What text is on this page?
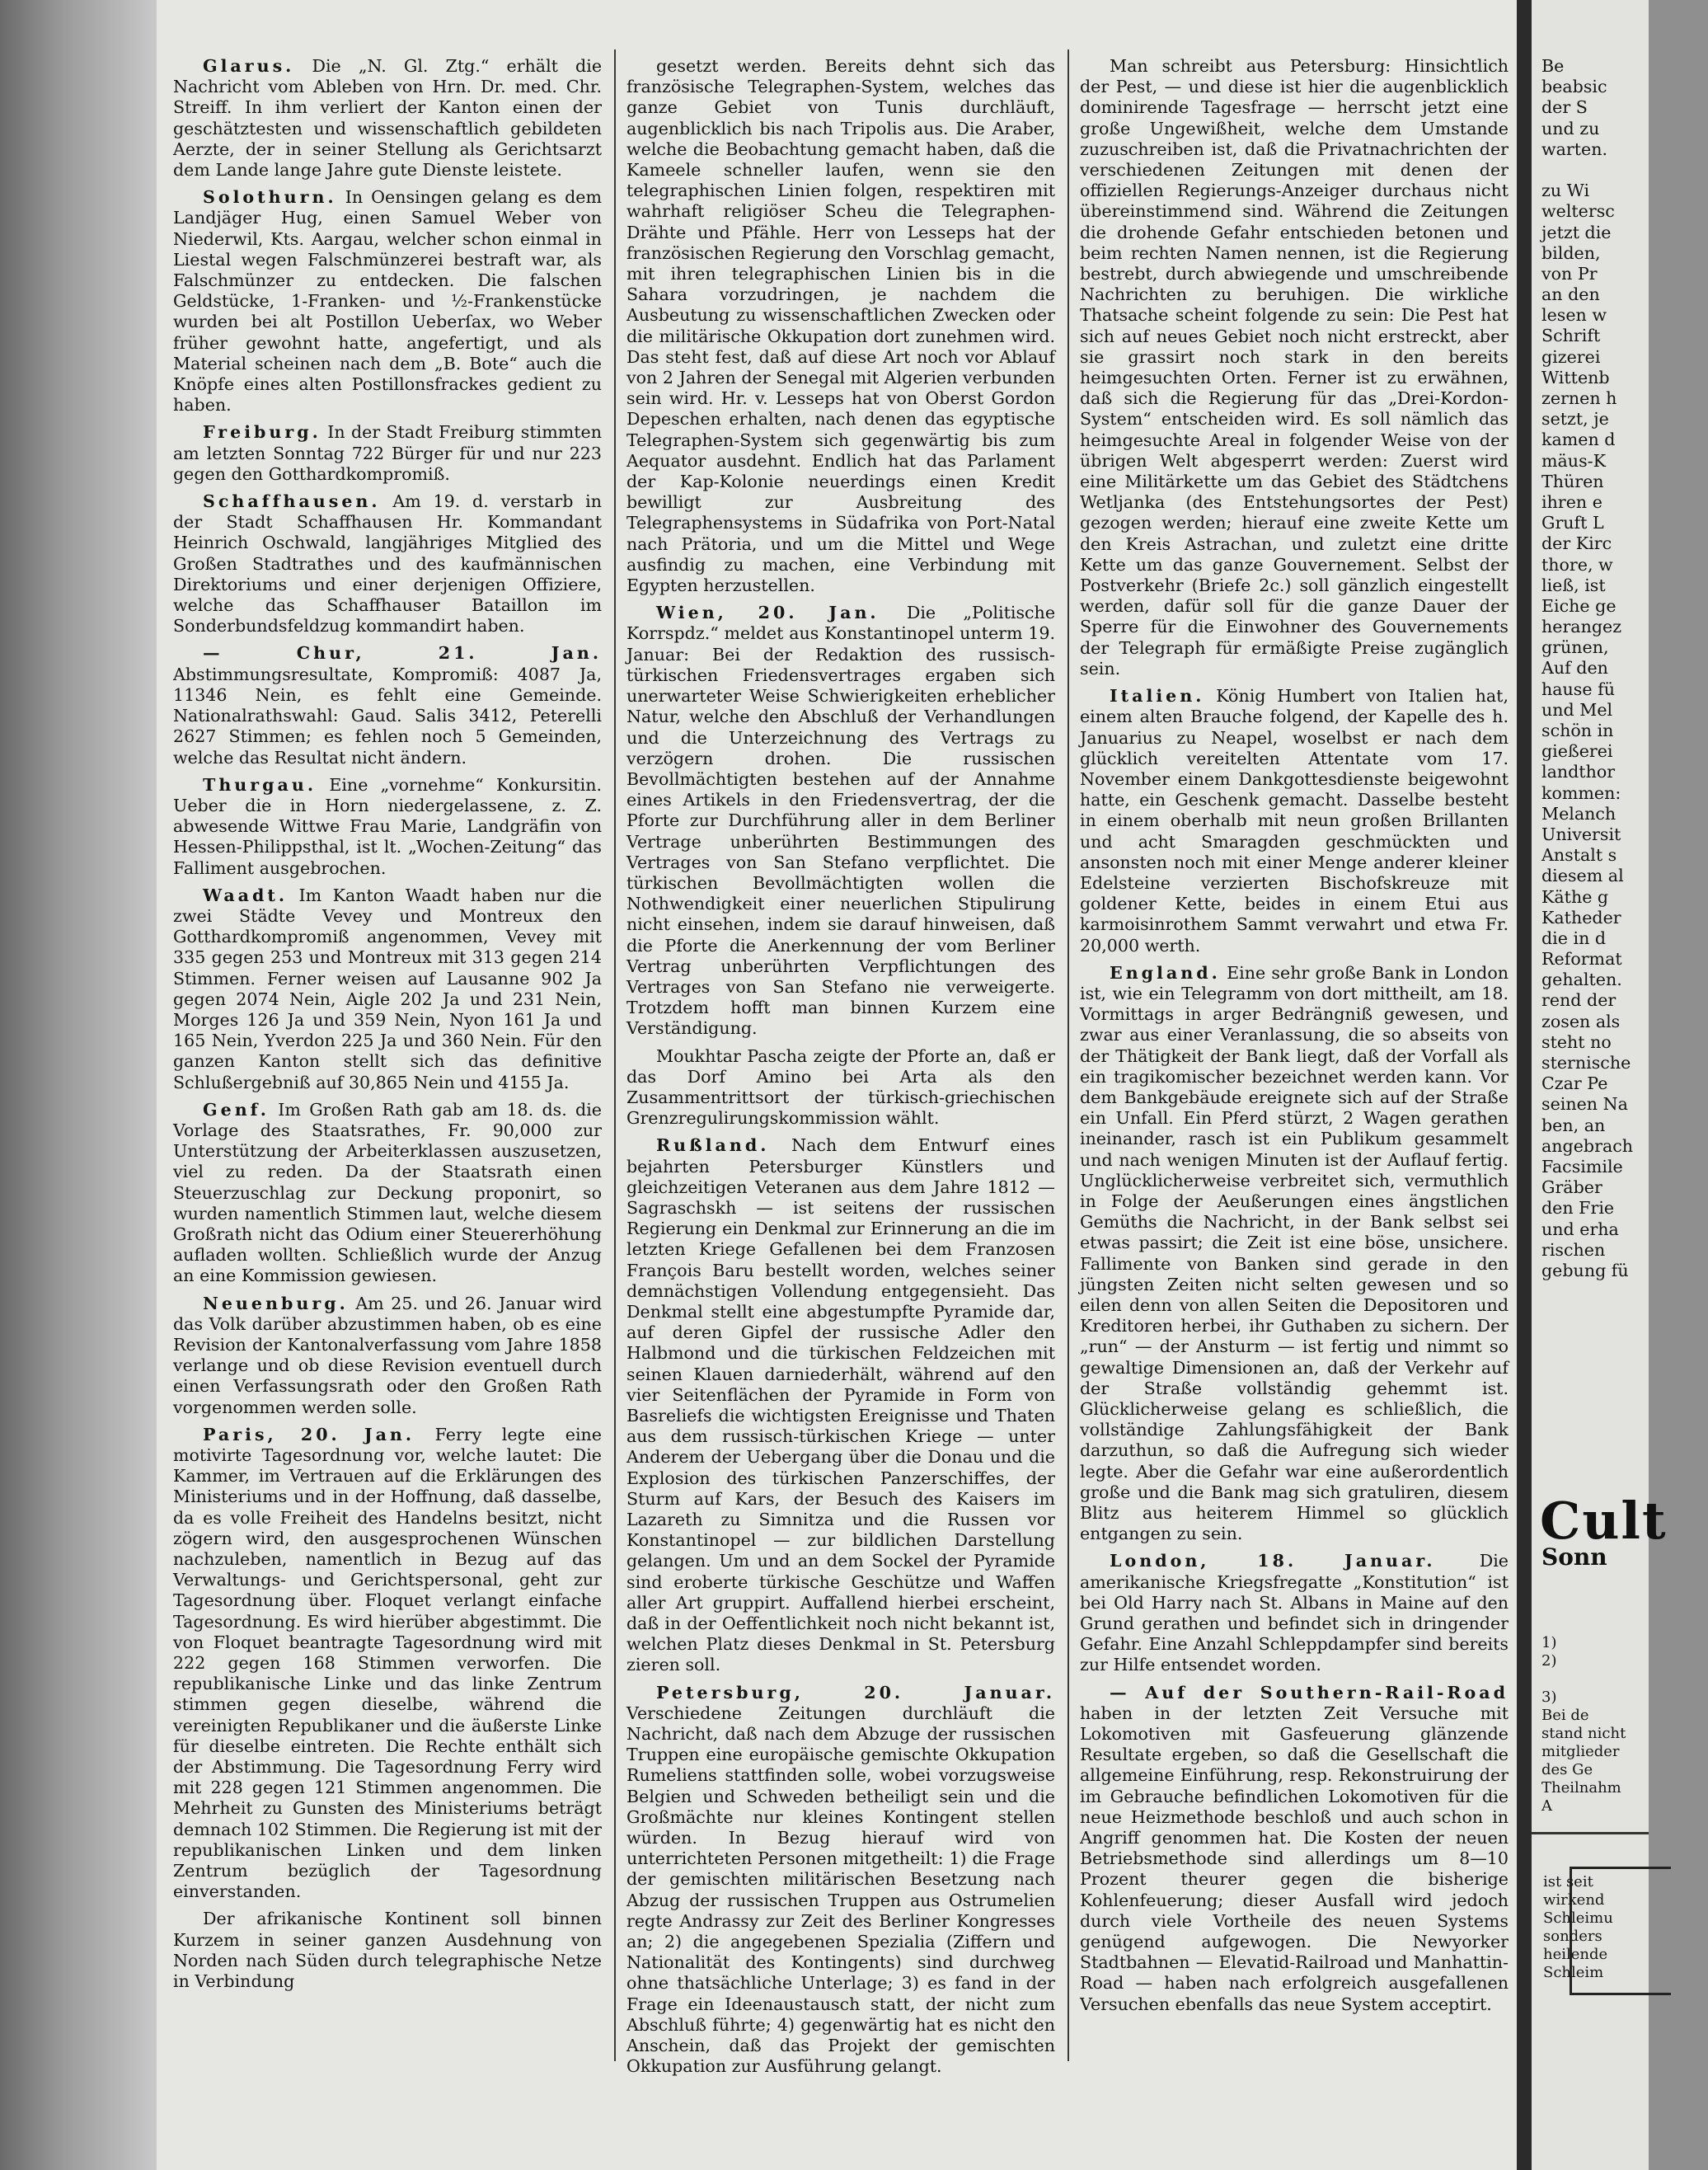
Glarus. Die „N. Gl. Ztg.“ erhält die Nachricht vom Ableben von Hrn. Dr. med. Chr. Streiff. In ihm verliert der Kanton einen der geschätztesten und wissenschaftlich gebildeten Aerzte, der in seiner Stellung als Gerichtsarzt dem Lande lange Jahre gute Dienste leistete.

Solothurn. In Oensingen gelang es dem Landjäger Hug, einen Samuel Weber von Niederwil, Kts. Aargau, welcher schon einmal in Liestal wegen Falschmünzerei bestraft war, als Falschmünzer zu entdecken. Die falschen Geldstücke, 1-Franken- und ½-Frankenstücke wurden bei alt Postillon Ueberſax, wo Weber früher gewohnt hatte, angefertigt, und als Material scheinen nach dem „B. Bote“ auch die Knöpfe eines alten Postillonsfrackes gedient zu haben.

Freiburg. In der Stadt Freiburg stimmten am letzten Sonntag 722 Bürger für und nur 223 gegen den Gotthardkompromiß.

Schaffhausen. Am 19. d. verstarb in der Stadt Schaffhausen Hr. Kommandant Heinrich Oschwald, langjähriges Mitglied des Großen Stadtrathes und des kaufmännischen Direktoriums und einer derjenigen Offiziere, welche das Schaffhauser Bataillon im Sonderbundsfeldzug kommandirt haben.

— Chur, 21. Jan. Abstimmungsresultate, Kompromiß: 4087 Ja, 11346 Nein, es fehlt eine Gemeinde. Nationalrathswahl: Gaud. Salis 3412, Peterelli 2627 Stimmen; es fehlen noch 5 Gemeinden, welche das Resultat nicht ändern.

Thurgau. Eine „vornehme“ Konkursitin. Ueber die in Horn niedergelassene, z. Z. abwesende Wittwe Frau Marie, Landgräfin von Hessen-Philippsthal, ist lt. „Wochen-Zeitung“ das Falliment ausgebrochen.

Waadt. Im Kanton Waadt haben nur die zwei Städte Vevey und Montreux den Gotthardkompromiß angenommen, Vevey mit 335 gegen 253 und Montreux mit 313 gegen 214 Stimmen. Ferner weisen auf Lausanne 902 Ja gegen 2074 Nein, Aigle 202 Ja und 231 Nein, Morges 126 Ja und 359 Nein, Nyon 161 Ja und 165 Nein, Yverdon 225 Ja und 360 Nein. Für den ganzen Kanton stellt sich das definitive Schlußergebniß auf 30,865 Nein und 4155 Ja.

Genf. Im Großen Rath gab am 18. ds. die Vorlage des Staatsrathes, Fr. 90,000 zur Unterstützung der Arbeiterklassen auszusetzen, viel zu reden. Da der Staatsrath einen Steuerzuschlag zur Deckung proponirt, so wurden namentlich Stimmen laut, welche diesem Großrath nicht das Odium einer Steuererhöhung aufladen wollten. Schließlich wurde der Anzug an eine Kommission gewiesen.

Neuenburg. Am 25. und 26. Januar wird das Volk darüber abzustimmen haben, ob es eine Revision der Kantonalverfassung vom Jahre 1858 verlange und ob diese Revision eventuell durch einen Verfassungsrath oder den Großen Rath vorgenommen werden solle.

Paris, 20. Jan. Ferry legte eine motivirte Tagesordnung vor, welche lautet: Die Kammer, im Vertrauen auf die Erklärungen des Ministeriums und in der Hoffnung, daß dasselbe, da es volle Freiheit des Handelns besitzt, nicht zögern wird, den ausgesprochenen Wünschen nachzuleben, namentlich in Bezug auf das Verwaltungs- und Gerichtspersonal, geht zur Tagesordnung über. Floquet verlangt einfache Tagesordnung. Es wird hierüber abgestimmt. Die von Floquet beantragte Tagesordnung wird mit 222 gegen 168 Stimmen verworfen. Die republikanische Linke und das linke Zentrum stimmen gegen dieselbe, während die vereinigten Republikaner und die äußerste Linke für dieselbe eintreten. Die Rechte enthält sich der Abstimmung. Die Tagesordnung Ferry wird mit 228 gegen 121 Stimmen angenommen. Die Mehrheit zu Gunsten des Ministeriums beträgt demnach 102 Stimmen. Die Regierung ist mit der republikanischen Linken und dem linken Zentrum bezüglich der Tagesordnung einverstanden.

Der afrikanische Kontinent soll binnen Kurzem in seiner ganzen Ausdehnung von Norden nach Süden durch telegraphische Netze in Verbindung

gesetzt werden. Bereits dehnt sich das französische Telegraphen-System, welches das ganze Gebiet von Tunis durchläuft, augenblicklich bis nach Tripolis aus. Die Araber, welche die Beobachtung gemacht haben, daß die Kameele schneller laufen, wenn sie den telegraphischen Linien folgen, respektiren mit wahrhaft religiöser Scheu die Telegraphen-Drähte und Pfähle. Herr von Lesseps hat der französischen Regierung den Vorschlag gemacht, mit ihren telegraphischen Linien bis in die Sahara vorzudringen, je nachdem die Ausbeutung zu wissenschaftlichen Zwecken oder die militärische Okkupation dort zunehmen wird. Das steht fest, daß auf diese Art noch vor Ablauf von 2 Jahren der Senegal mit Algerien verbunden sein wird. Hr. v. Lesseps hat von Oberst Gordon Depeschen erhalten, nach denen das egyptische Telegraphen-System sich gegenwärtig bis zum Aequator ausdehnt. Endlich hat das Parlament der Kap-Kolonie neuerdings einen Kredit bewilligt zur Ausbreitung des Telegraphensystems in Südafrika von Port-Natal nach Prätoria, und um die Mittel und Wege ausfindig zu machen, eine Verbindung mit Egypten herzustellen.

Wien, 20. Jan. Die „Politische Korrspdz.“ meldet aus Konstantinopel unterm 19. Januar: Bei der Redaktion des russisch-türkischen Friedensvertrages ergaben sich unerwarteter Weise Schwierigkeiten erheblicher Natur, welche den Abschluß der Verhandlungen und die Unterzeichnung des Vertrags zu verzögern drohen. Die russischen Bevollmächtigten bestehen auf der Annahme eines Artikels in den Friedensvertrag, der die Pforte zur Durchführung aller in dem Berliner Vertrage unberührten Bestimmungen des Vertrages von San Stefano verpflichtet. Die türkischen Bevollmächtigten wollen die Nothwendigkeit einer neuerlichen Stipulirung nicht einsehen, indem sie darauf hinweisen, daß die Pforte die Anerkennung der vom Berliner Vertrag unberührten Verpflichtungen des Vertrages von San Stefano nie verweigerte. Trotzdem hofft man binnen Kurzem eine Verständigung.

Moukhtar Pascha zeigte der Pforte an, daß er das Dorf Amino bei Arta als den Zusammentrittsort der türkisch-griechischen Grenzregulirungskommission wählt.

Rußland. Nach dem Entwurf eines bejahrten Petersburger Künstlers und gleichzeitigen Veteranen aus dem Jahre 1812 — Sagraschskh — ist seitens der russischen Regierung ein Denkmal zur Erinnerung an die im letzten Kriege Gefallenen bei dem Franzosen François Baru bestellt worden, welches seiner demnächstigen Vollendung entgegensieht. Das Denkmal stellt eine abgestumpfte Pyramide dar, auf deren Gipfel der russische Adler den Halbmond und die türkischen Feldzeichen mit seinen Klauen darniederhält, während auf den vier Seitenflächen der Pyramide in Form von Basreliefs die wichtigsten Ereignisse und Thaten aus dem russisch-türkischen Kriege — unter Anderem der Uebergang über die Donau und die Explosion des türkischen Panzerschiffes, der Sturm auf Kars, der Besuch des Kaisers im Lazareth zu Simnitza und die Russen vor Konstantinopel — zur bildlichen Darstellung gelangen. Um und an dem Sockel der Pyramide sind eroberte türkische Geschütze und Waffen aller Art gruppirt. Auffallend hierbei erscheint, daß in der Oeffentlichkeit noch nicht bekannt ist, welchen Platz dieses Denkmal in St. Petersburg zieren soll.

Petersburg, 20. Januar. Verschiedene Zeitungen durchläuft die Nachricht, daß nach dem Abzuge der russischen Truppen eine europäische gemischte Okkupation Rumeliens stattfinden solle, wobei vorzugsweise Belgien und Schweden betheiligt sein und die Großmächte nur kleines Kontingent stellen würden. In Bezug hierauf wird von unterrichteten Personen mitgetheilt: 1) die Frage der gemischten militärischen Besetzung nach Abzug der russischen Truppen aus Ostrumelien regte Andrassy zur Zeit des Berliner Kongresses an; 2) die angegebenen Spezialia (Ziffern und Nationalität des Kontingents) sind durchweg ohne thatsächliche Unterlage; 3) es fand in der Frage ein Ideenaustausch statt, der nicht zum Abschluß führte; 4) gegenwärtig hat es nicht den Anschein, daß das Projekt der gemischten Okkupation zur Ausführung gelangt.

Man schreibt aus Petersburg: Hinsichtlich der Pest, — und diese ist hier die augenblicklich dominirende Tagesfrage — herrscht jetzt eine große Ungewißheit, welche dem Umstande zuzuschreiben ist, daß die Privatnachrichten der verschiedenen Zeitungen mit denen der offiziellen Regierungs-Anzeiger durchaus nicht übereinstimmend sind. Während die Zeitungen die drohende Gefahr entschieden betonen und beim rechten Namen nennen, ist die Regierung bestrebt, durch abwiegende und umschreibende Nachrichten zu beruhigen. Die wirkliche Thatsache scheint folgende zu sein: Die Pest hat sich auf neues Gebiet noch nicht erstreckt, aber sie grassirt noch stark in den bereits heimgesuchten Orten. Ferner ist zu erwähnen, daß sich die Regierung für das „Drei-Kordon-System“ entscheiden wird. Es soll nämlich das heimgesuchte Areal in folgender Weise von der übrigen Welt abgesperrt werden: Zuerst wird eine Militärkette um das Gebiet des Städtchens Wetljanka (des Entstehungsortes der Pest) gezogen werden; hierauf eine zweite Kette um den Kreis Astrachan, und zuletzt eine dritte Kette um das ganze Gouvernement. Selbst der Postverkehr (Briefe 2c.) soll gänzlich eingestellt werden, dafür soll für die ganze Dauer der Sperre für die Einwohner des Gouvernements der Telegraph für ermäßigte Preise zugänglich sein.

Italien. König Humbert von Italien hat, einem alten Brauche folgend, der Kapelle des h. Januarius zu Neapel, woselbst er nach dem glücklich vereitelten Attentate vom 17. November einem Dankgottesdienste beigewohnt hatte, ein Geschenk gemacht. Dasselbe besteht in einem oberhalb mit neun großen Brillanten und acht Smaragden geschmückten und ansonsten noch mit einer Menge anderer kleiner Edelsteine verzierten Bischofskreuze mit goldener Kette, beides in einem Etui aus karmoisinrothem Sammt verwahrt und etwa Fr. 20,000 werth.

England. Eine sehr große Bank in London ist, wie ein Telegramm von dort mittheilt, am 18. Vormittags in arger Bedrängniß gewesen, und zwar aus einer Veranlassung, die so abseits von der Thätigkeit der Bank liegt, daß der Vorfall als ein tragikomischer bezeichnet werden kann. Vor dem Bankgebäude ereignete sich auf der Straße ein Unfall. Ein Pferd stürzt, 2 Wagen gerathen ineinander, rasch ist ein Publikum gesammelt und nach wenigen Minuten ist der Auflauf fertig. Unglücklicherweise verbreitet sich, vermuthlich in Folge der Aeußerungen eines ängstlichen Gemüths die Nachricht, in der Bank selbst sei etwas passirt; die Zeit ist eine böse, unsichere. Fallimente von Banken sind gerade in den jüngsten Zeiten nicht selten gewesen und so eilen denn von allen Seiten die Depositoren und Kreditoren herbei, ihr Guthaben zu sichern. Der „run“ — der Ansturm — ist fertig und nimmt so gewaltige Dimensionen an, daß der Verkehr auf der Straße vollständig gehemmt ist. Glücklicherweise gelang es schließlich, die vollständige Zahlungsfähigkeit der Bank darzuthun, so daß die Aufregung sich wieder legte. Aber die Gefahr war eine außerordentlich große und die Bank mag sich gratuliren, diesem Blitz aus heiterem Himmel so glücklich entgangen zu sein.

London, 18. Januar.	Die amerikanische Kriegsfregatte „Konstitution“ ist bei Old Harry nach St. Albans in Maine auf den Grund gerathen und befindet sich in dringender Gefahr. Eine Anzahl Schleppdampfer sind bereits zur Hilfe entsendet worden.

— Auf der Southern-Rail-Road haben in der letzten Zeit Versuche mit Lokomotiven mit Gasfeuerung glänzende Resultate ergeben, so daß die Gesellschaft die allgemeine Einführung, resp. Rekonstruirung der im Gebrauche befindlichen Lokomotiven für die neue Heizmethode beschloß und auch schon in Angriff genommen hat. Die Kosten der neuen Betriebsmethode sind allerdings um 8—10 Prozent theurer gegen die bisherige Kohlenfeuerung; dieser Ausfall wird jedoch durch viele Vortheile des neuen Systems genügend aufgewogen. Die Newyorker Stadtbahnen — Elevatid-Railroad und Manhattin-Road — haben nach erfolgreich ausgefallenen Versuchen ebenfalls das neue System acceptirt.

Be
beabsic
der S
und zu
warten.
zu Wi
weltersc
jetzt die
bilden,
von Pr
an den
lesen w
Schrift
gizerei
Wittenb
zernen h
setzt, je
kamen d
mäus-K
Thüren
ihren e
Gruft L
der Kirc
thore, w
ließ, ist
Eiche ge
herangez
grünen,
Auf den
hause fü
und Mel
schön in
gießerei
landthor
kommen:
Melanch
Universit
Anstalt s
diesem al
Käthe g
Katheder
die in d
Reformat
gehalten.
rend der
zosen als
steht no
sternische
Czar Pe
seinen Na
ben, an
angebrach
Facsimile
Gräber
den Frie
und erha
rischen
gebung fü
Cult
Sonn
1)
2)
3)
Bei de
stand nicht
mitglieder
des Ge
Theilnahm
A
ist seit
wirkend
Schleimu
sonders
heilende
Schleim
